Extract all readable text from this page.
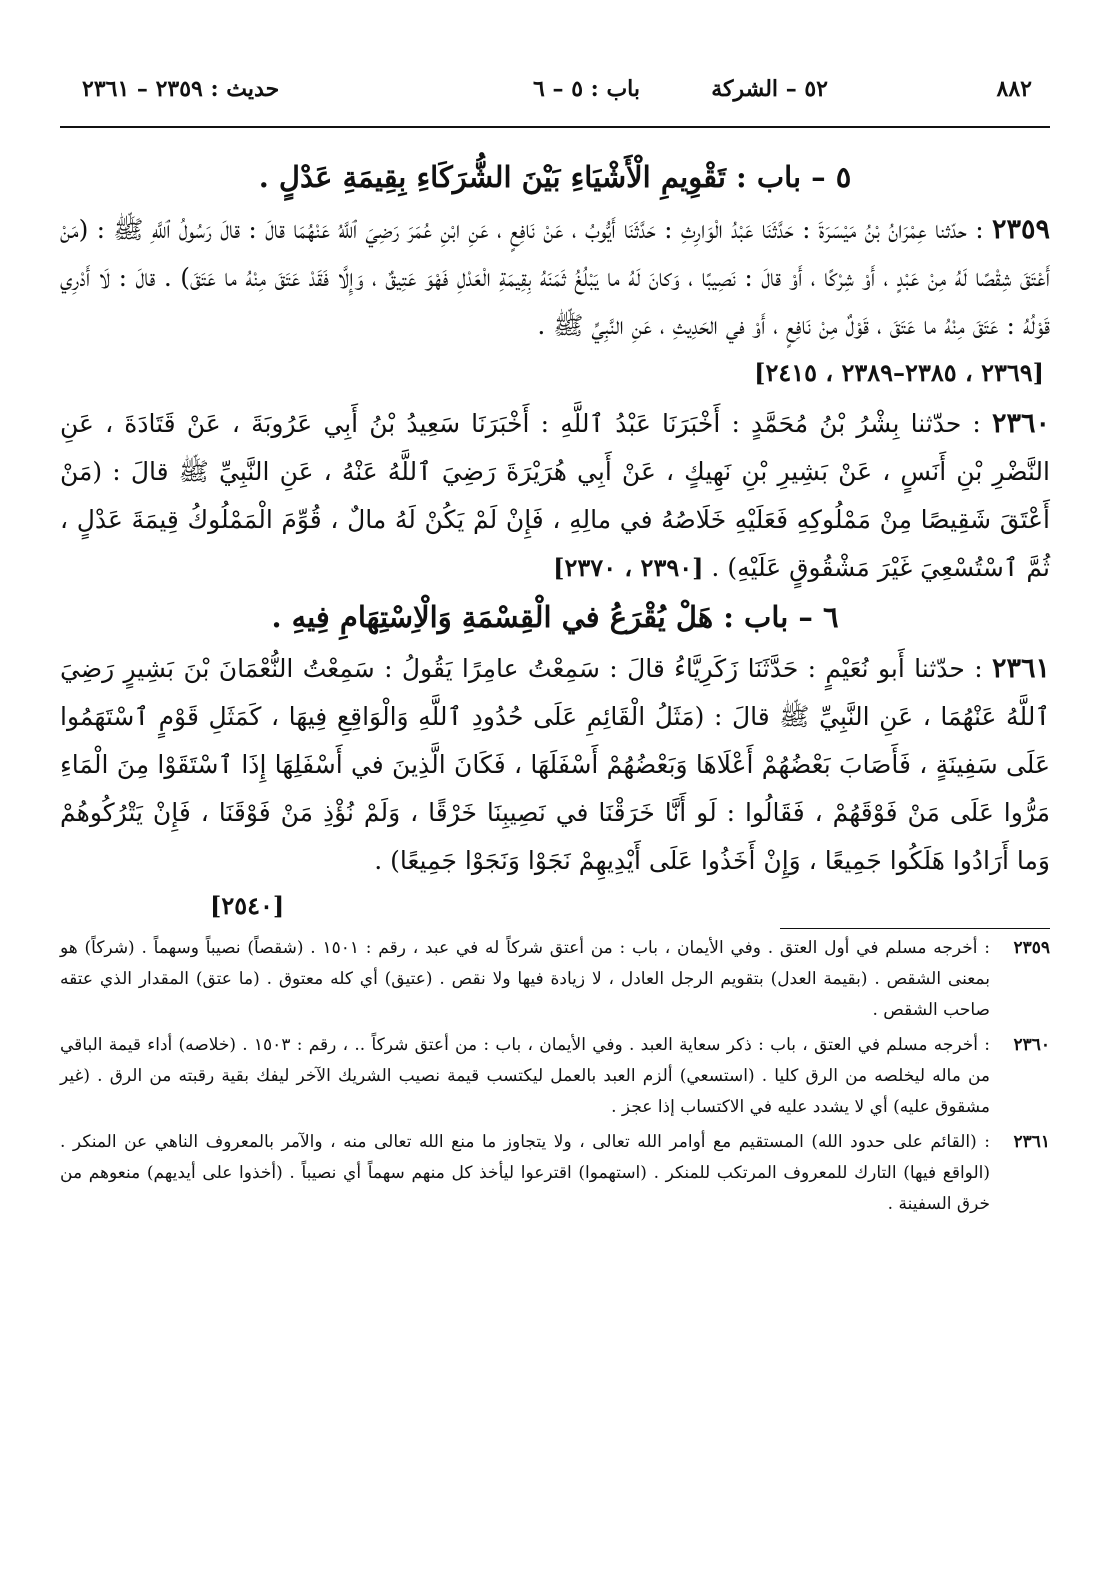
٨٨٢
٥٢ – الشركة
باب : ٥ – ٦
حديث : ٢٣٥٩ – ٢٣٦١
٥ – باب : تَقْوِيمِ الْأَشْيَاءِ بَيْنَ الشُّرَكَاءِ بِقِيمَةِ عَدْلٍ .

٢٣٥٩ : حدّثنا عِمْرَانُ بْنُ مَيْسَرَةَ : حَدَّثَنَا عَبْدُ الْوَارِثِ : حَدَّثَنَا أَيُّوبُ ، عَنْ نَافِعٍ ، عَنِ ابْنِ عُمَرَ رَضِيَ ٱللَّهُ عَنْهُمَا قالَ : قالَ رَسُولُ ٱللَّهِ ﷺ : (مَنْ أَعْتَقَ شِقْصًا لَهُ مِنْ عَبْدٍ ، أَوْ شِرْكًا ، أَوْ قالَ : نَصِيبًا ، وَكانَ لَهُ ما يَبْلُغُ ثَمَنَهُ بِقِيمَةِ الْعَدْلِ فَهْوَ عَتِيقٌ ، وَإِلَّا فَقَدْ عَتَقَ مِنْهُ ما عَتَقَ) . قالَ : لَا أَدْرِي قَوْلُهُ : عَتَقَ مِنْهُ ما عَتَقَ ، قَوْلٌ مِنْ نَافِعٍ ، أَوْ في الحَدِيثِ ، عَنِ النَّبِيِّ ﷺ .

[٢٣٦٩ ، ٢٣٨٥–٢٣٨٩ ، ٢٤١٥]

٢٣٦٠ : حدّثنا بِشْرُ بْنُ مُحَمَّدٍ : أَخْبَرَنَا عَبْدُ ٱللَّهِ : أَخْبَرَنَا سَعِيدُ بْنُ أَبِي عَرُوبَةَ ، عَنْ قَتَادَةَ ، عَنِ النَّضْرِ بْنِ أَنَسٍ ، عَنْ بَشِيرِ بْنِ نَهِيكٍ ، عَنْ أَبِي هُرَيْرَةَ رَضِيَ ٱللَّهُ عَنْهُ ، عَنِ النَّبِيِّ ﷺ قالَ : (مَنْ أَعْتَقَ شَقِيصًا مِنْ مَمْلُوكِهِ فَعَلَيْهِ خَلَاصُهُ في مالِهِ ، فَإِنْ لَمْ يَكُنْ لَهُ مالٌ ، قُوِّمَ الْمَمْلُوكُ قِيمَةَ عَدْلٍ ، ثُمَّ ٱسْتُسْعِيَ غَيْرَ مَشْقُوقٍ عَلَيْهِ) . [٢٣٩٠ ، ٢٣٧٠]

٦ – باب : هَلْ يُقْرَعُ في الْقِسْمَةِ وَالْاِسْتِهَامِ فِيهِ .

٢٣٦١ : حدّثنا أَبو نُعَيْمٍ : حَدَّثَنَا زَكَرِيَّاءُ قالَ : سَمِعْتُ عامِرًا يَقُولُ : سَمِعْتُ النُّعْمَانَ بْنَ بَشِيرٍ رَضِيَ ٱللَّهُ عَنْهُمَا ، عَنِ النَّبِيِّ ﷺ قالَ : (مَثَلُ الْقَائِمِ عَلَى حُدُودِ ٱللَّهِ وَالْوَاقِعِ فِيهَا ، كَمَثَلِ قَوْمٍ ٱسْتَهَمُوا عَلَى سَفِينَةٍ ، فَأَصَابَ بَعْضُهُمْ أَعْلَاهَا وَبَعْضُهُمْ أَسْفَلَهَا ، فَكَانَ الَّذِينَ في أَسْفَلِهَا إِذَا ٱسْتَقَوْا مِنَ الْمَاءِ مَرُّوا عَلَى مَنْ فَوْقَهُمْ ، فَقَالُوا : لَو أَنَّا خَرَقْنَا في نَصِيبِنَا خَرْقًا ، وَلَمْ نُؤْذِ مَنْ فَوْقَنَا ، فَإِنْ يَتْرُكُوهُمْ وَما أَرَادُوا هَلَكُوا جَمِيعًا ، وَإِنْ أَخَذُوا عَلَى أَيْدِيهِمْ نَجَوْا وَنَجَوْا جَمِيعًا) .

[٢٥٤٠]
٢٣٥٩
: أخرجه مسلم في أول العتق . وفي الأيمان ، باب : من أعتق شركاً له في عبد ، رقم : ١٥٠١ . (شقصاً) نصيباً وسهماً . (شركاً) هو بمعنى الشقص . (بقيمة العدل) بتقويم الرجل العادل ، لا زيادة فيها ولا نقص . (عتيق) أي كله معتوق . (ما عتق) المقدار الذي عتقه صاحب الشقص .
٢٣٦٠
: أخرجه مسلم في العتق ، باب : ذكر سعاية العبد . وفي الأيمان ، باب : من أعتق شركاً .. ، رقم : ١٥٠٣ . (خلاصه) أداء قيمة الباقي من ماله ليخلصه من الرق كليا . (استسعي) ألزم العبد بالعمل ليكتسب قيمة نصيب الشريك الآخر ليفك بقية رقبته من الرق . (غير مشقوق عليه) أي لا يشدد عليه في الاكتساب إذا عجز .
٢٣٦١
: (القائم على حدود الله) المستقيم مع أوامر الله تعالى ، ولا يتجاوز ما منع الله تعالى منه ، والآمر بالمعروف الناهي عن المنكر . (الواقع فيها) التارك للمعروف المرتكب للمنكر . (استهموا) اقترعوا ليأخذ كل منهم سهماً أي نصيباً . (أخذوا على أيديهم) منعوهم من خرق السفينة .
